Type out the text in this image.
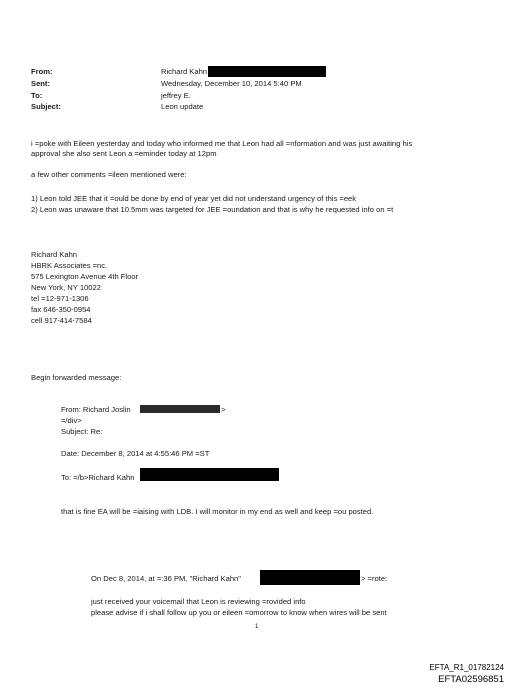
From:
Sent:
To:
Subject:
Richard Kahn
Wednesday, December 10, 2014 5:40 PM
jeffrey E.
Leon update
i =poke with Eileen yesterday and today who informed me that Leon had all =nformation and was just awaiting his
approval she also sent Leon a =eminder today at 12pm
a few other comments =ileen mentioned were:
1) Leon told JEE that it =ould be done by end of year yet did not understand urgency of this =eek
2) Leon was unaware that 10.5mm was targeted for JEE =oundation and that is why he requested info on =t
Richard Kahn
HBRK Associates =nc.
575 Lexington Avenue 4th Floor
New York, NY 10022
tel =12-971-1306
fax 646-350-0954
cell 917-414-7584
Begin forwarded message:
From: Richard Joslin	>
=/div>
Subject: Re:
Date: December 8, 2014 at 4:55:46 PM =ST
To: =/b>Richard Kahn
that is fine EA will be =iaising with LDB. I will monitor in my end as well and keep =ou posted.
On Dec 8, 2014, at =:36 PM, "Richard Kahn"	> =rote:
just received your voicemail that Leon is reviewing =rovided info
please advise if i shall follow up you or eileen =omorrow to know when wires will be sent
1
EFTA_R1_01782124
EFTA02596851
